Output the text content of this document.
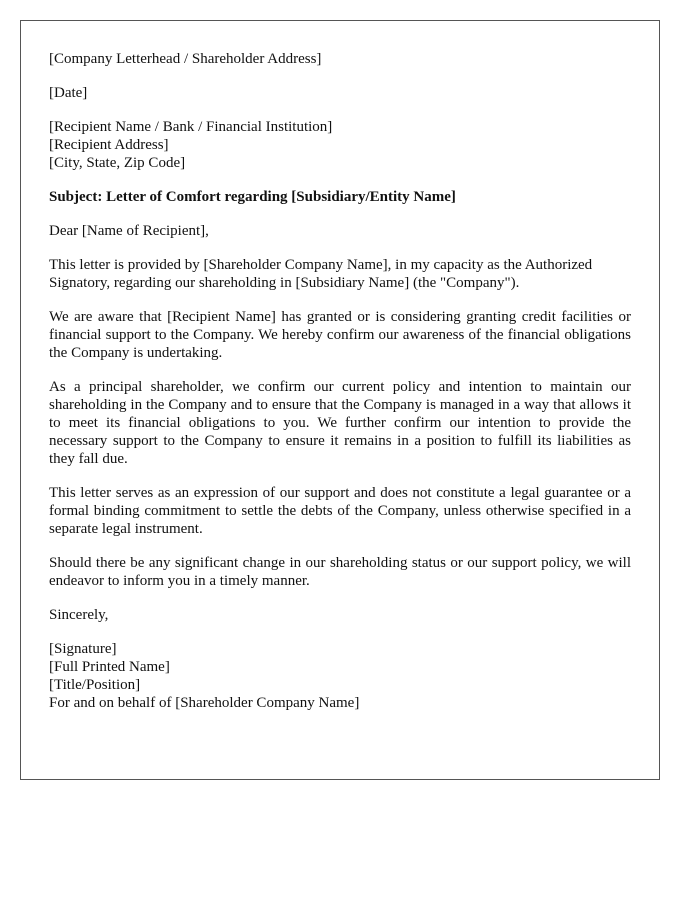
[Company Letterhead / Shareholder Address]
[Date]
[Recipient Name / Bank / Financial Institution]
[Recipient Address]
[City, State, Zip Code]
Subject: Letter of Comfort regarding [Subsidiary/Entity Name]
Dear [Name of Recipient],

This letter is provided by [Shareholder Company Name], in my capacity as the Authorized Signatory, regarding our shareholding in [Subsidiary Name] (the "Company").

We are aware that [Recipient Name] has granted or is considering granting credit facilities or financial support to the Company. We hereby confirm our awareness of the financial obligations the Company is undertaking.

As a principal shareholder, we confirm our current policy and intention to maintain our shareholding in the Company and to ensure that the Company is managed in a way that allows it to meet its financial obligations to you. We further confirm our intention to provide the necessary support to the Company to ensure it remains in a position to fulfill its liabilities as they fall due.

This letter serves as an expression of our support and does not constitute a legal guarantee or a formal binding commitment to settle the debts of the Company, unless otherwise specified in a separate legal instrument.

Should there be any significant change in our shareholding status or our support policy, we will endeavor to inform you in a timely manner.

Sincerely,
[Signature]
[Full Printed Name]
[Title/Position]
For and on behalf of [Shareholder Company Name]
